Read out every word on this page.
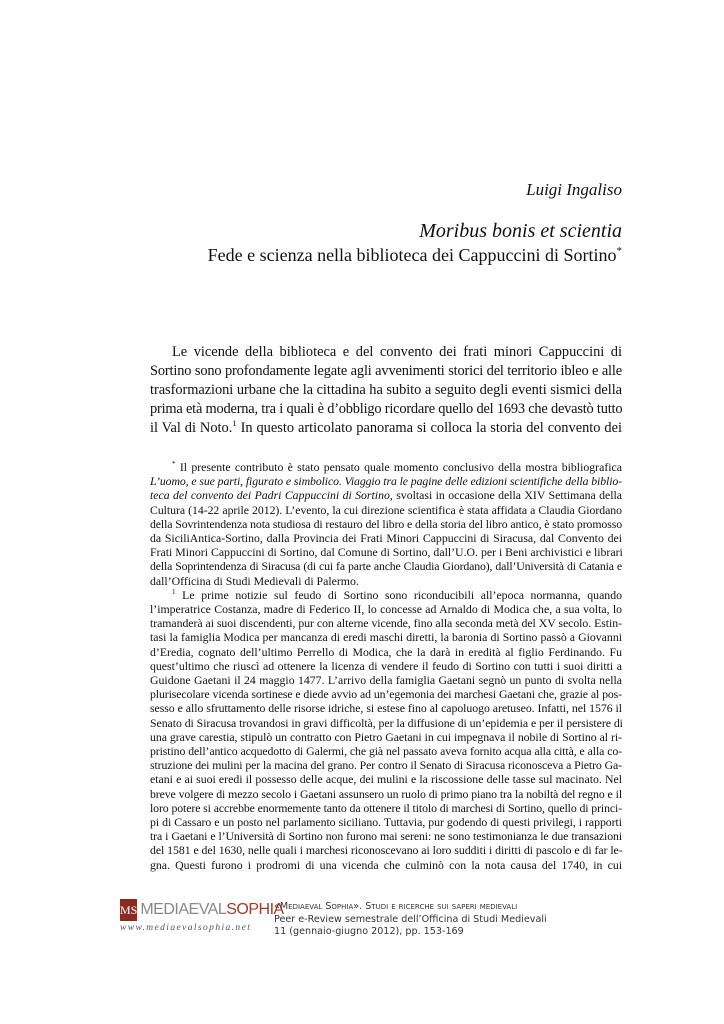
Luigi Ingaliso
Moribus bonis et scientia
Fede e scienza nella biblioteca dei Cappuccini di Sortino*
Le vicende della biblioteca e del convento dei frati minori Cappuccini di
Sortino sono profondamente legate agli avvenimenti storici del territorio ibleo e alle
trasformazioni urbane che la cittadina ha subito a seguito degli eventi sismici della
prima età moderna, tra i quali è d’obbligo ricordare quello del 1693 che devastò tutto
il Val di Noto.$^1$ In questo articolato panorama si colloca la storia del convento dei
* Il presente contributo è stato pensato quale momento conclusivo della mostra bibliografica
L’uomo, e sue parti, figurato e simbolico. Viaggio tra le pagine delle edizioni scientifiche della biblio-
teca del convento dei Padri Cappuccini di Sortino, svoltasi in occasione della XIV Settimana della
Cultura (14-22 aprile 2012). L’evento, la cui direzione scientifica è stata affidata a Claudia Giordano
della Sovrintendenza nota studiosa di restauro del libro e della storia del libro antico, è stato promosso
da SiciliAntica-Sortino, dalla Provincia dei Frati Minori Cappuccini di Siracusa, dal Convento dei
Frati Minori Cappuccini di Sortino, dal Comune di Sortino, dall’U.O. per i Beni archivistici e librari
della Soprintendenza di Siracusa (di cui fa parte anche Claudia Giordano), dall’Università di Catania e
dall’Officina di Studi Medievali di Palermo.
$^1$ Le prime notizie sul feudo di Sortino sono riconducibili all’epoca normanna, quando
l’imperatrice Costanza, madre di Federico II, lo concesse ad Arnaldo di Modica che, a sua volta, lo
tramanderà ai suoi discendenti, pur con alterne vicende, fino alla seconda metà del XV secolo. Estin-
tasi la famiglia Modica per mancanza di eredi maschi diretti, la baronia di Sortino passò a Giovanni
d’Eredia, cognato dell’ultimo Perrello di Modica, che la darà in eredità al figlio Ferdinando. Fu
quest’ultimo che riuscì ad ottenere la licenza di vendere il feudo di Sortino con tutti i suoi diritti a
Guidone Gaetani il 24 maggio 1477. L’arrivo della famiglia Gaetani segnò un punto di svolta nella
plurisecolare vicenda sortinese e diede avvio ad un’egemonia dei marchesi Gaetani che, grazie al pos-
sesso e allo sfruttamento delle risorse idriche, si estese fino al capoluogo aretuseo. Infatti, nel 1576 il
Senato di Siracusa trovandosi in gravi difficoltà, per la diffusione di un’epidemia e per il persistere di
una grave carestia, stipulò un contratto con Pietro Gaetani in cui impegnava il nobile di Sortino al ri-
pristino dell’antico acquedotto di Galermi, che già nel passato aveva fornito acqua alla città, e alla co-
struzione dei mulini per la macina del grano. Per contro il Senato di Siracusa riconosceva a Pietro Ga-
etani e ai suoi eredi il possesso delle acque, dei mulini e la riscossione delle tasse sul macinato. Nel
breve volgere di mezzo secolo i Gaetani assunsero un ruolo di primo piano tra la nobiltà del regno e il
loro potere si accrebbe enormemente tanto da ottenere il titolo di marchesi di Sortino, quello di princi-
pi di Cassaro e un posto nel parlamento siciliano. Tuttavia, pur godendo di questi privilegi, i rapporti
tra i Gaetani e l’Università di Sortino non furono mai sereni: ne sono testimonianza le due transazioni
del 1581 e del 1630, nelle quali i marchesi riconoscevano ai loro sudditi i diritti di pascolo e di far le-
gna. Questi furono i prodromi di una vicenda che culminò con la nota causa del 1740, in cui
MS MEDIAEVALSOPHIA
www.mediaevalsophia.net
«Mediaeval Sophia». Studi e ricerche sui saperi medievali
Peer e-Review semestrale dell’Officina di Studi Medievali
11 (gennaio-giugno 2012), pp. 153-169
